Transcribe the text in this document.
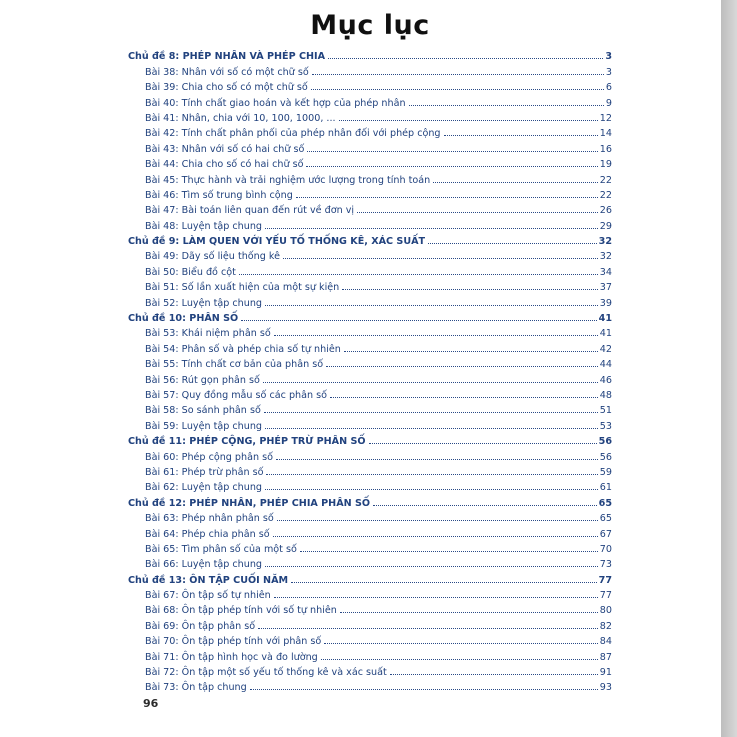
Mục lục
Chủ đề 8: PHÉP NHÂN VÀ PHÉP CHIA	3
Bài 38: Nhân với số có một chữ số	3
Bài 39: Chia cho số có một chữ số	6
Bài 40: Tính chất giao hoán và kết hợp của phép nhân	9
Bài 41: Nhân, chia với 10, 100, 1000, ...	12
Bài 42: Tính chất phân phối của phép nhân đối với phép cộng	14
Bài 43: Nhân với số có hai chữ số	16
Bài 44: Chia cho số có hai chữ số	19
Bài 45: Thực hành và trải nghiệm ước lượng trong tính toán	22
Bài 46: Tìm số trung bình cộng	22
Bài 47: Bài toán liên quan đến rút về đơn vị	26
Bài 48: Luyện tập chung	29
Chủ đề 9: LÀM QUEN VỚI YẾU TỐ THỐNG KÊ, XÁC SUẤT	32
Bài 49: Dãy số liệu thống kê	32
Bài 50: Biểu đồ cột	34
Bài 51: Số lần xuất hiện của một sự kiện	37
Bài 52: Luyện tập chung	39
Chủ đề 10: PHÂN SỐ	41
Bài 53: Khái niệm phân số	41
Bài 54: Phân số và phép chia số tự nhiên	42
Bài 55: Tính chất cơ bản của phân số	44
Bài 56: Rút gọn phân số	46
Bài 57: Quy đồng mẫu số các phân số	48
Bài 58: So sánh phân số	51
Bài 59: Luyện tập chung	53
Chủ đề 11: PHÉP CỘNG, PHÉP TRỪ PHÂN SỐ	56
Bài 60: Phép cộng phân số	56
Bài 61: Phép trừ phân số	59
Bài 62: Luyện tập chung	61
Chủ đề 12: PHÉP NHÂN, PHÉP CHIA PHÂN SỐ	65
Bài 63: Phép nhân phân số	65
Bài 64: Phép chia phân số	67
Bài 65: Tìm phân số của một số	70
Bài 66: Luyện tập chung	73
Chủ đề 13: ÔN TẬP CUỐI NĂM	77
Bài 67: Ôn tập số tự nhiên	77
Bài 68: Ôn tập phép tính với số tự nhiên	80
Bài 69: Ôn tập phân số	82
Bài 70: Ôn tập phép tính với phân số	84
Bài 71: Ôn tập hình học và đo lường	87
Bài 72: Ôn tập một số yếu tố thống kê và xác suất	91
Bài 73: Ôn tập chung	93
96
